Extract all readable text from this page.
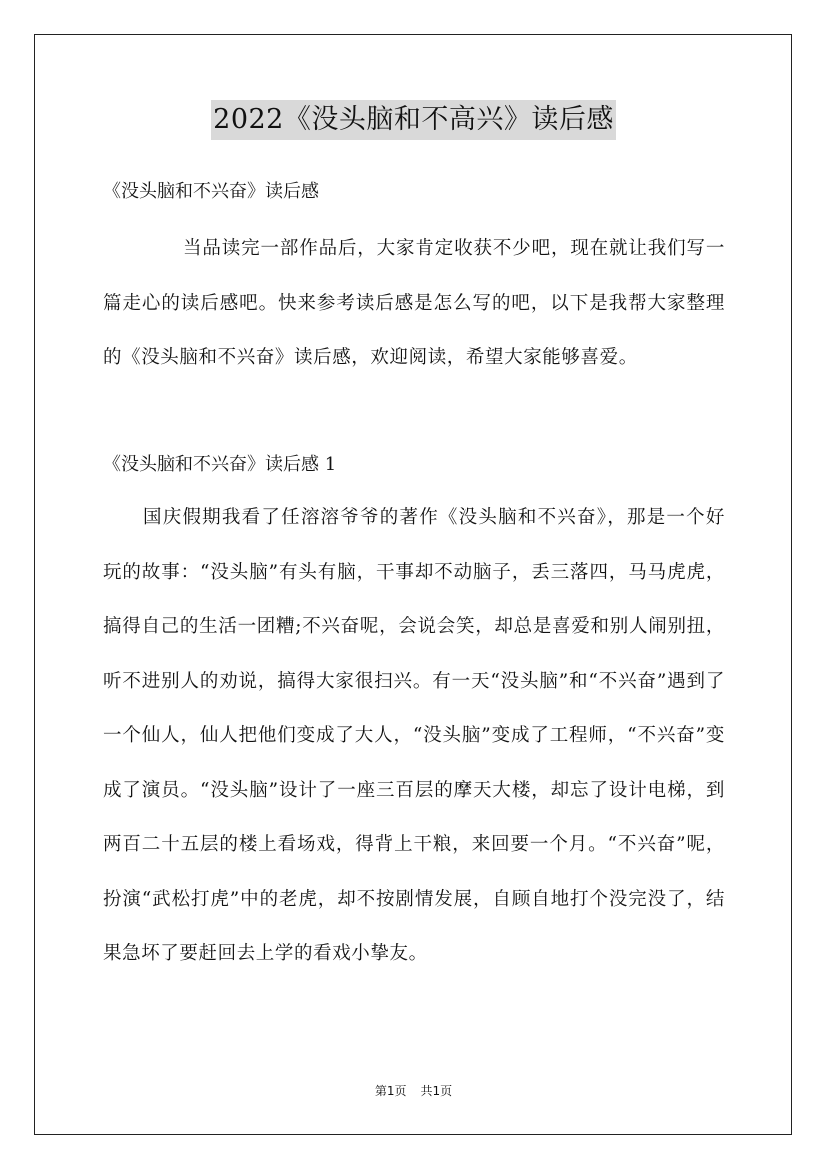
2022《没头脑和不高兴》读后感
《没头脑和不兴奋》读后感
当品读完一部作品后，大家肯定收获不少吧，现在就让我们写一篇走心的读后感吧。快来参考读后感是怎么写的吧，以下是我帮大家整理的《没头脑和不兴奋》读后感，欢迎阅读，希望大家能够喜爱。
《没头脑和不兴奋》读后感 1
国庆假期我看了任溶溶爷爷的著作《没头脑和不兴奋》，那是一个好玩的故事：“没头脑”有头有脑，干事却不动脑子，丢三落四，马马虎虎，搞得自己的生活一团糟;不兴奋呢，会说会笑，却总是喜爱和别人闹别扭，听不进别人的劝说，搞得大家很扫兴。有一天“没头脑”和“不兴奋”遇到了一个仙人，仙人把他们变成了大人，“没头脑”变成了工程师，“不兴奋”变成了演员。“没头脑”设计了一座三百层的摩天大楼，却忘了设计电梯，到两百二十五层的楼上看场戏，得背上干粮，来回要一个月。“不兴奋”呢，扮演“武松打虎”中的老虎，却不按剧情发展，自顾自地打个没完没了，结果急坏了要赶回去上学的看戏小挚友。
第1页 共1页
